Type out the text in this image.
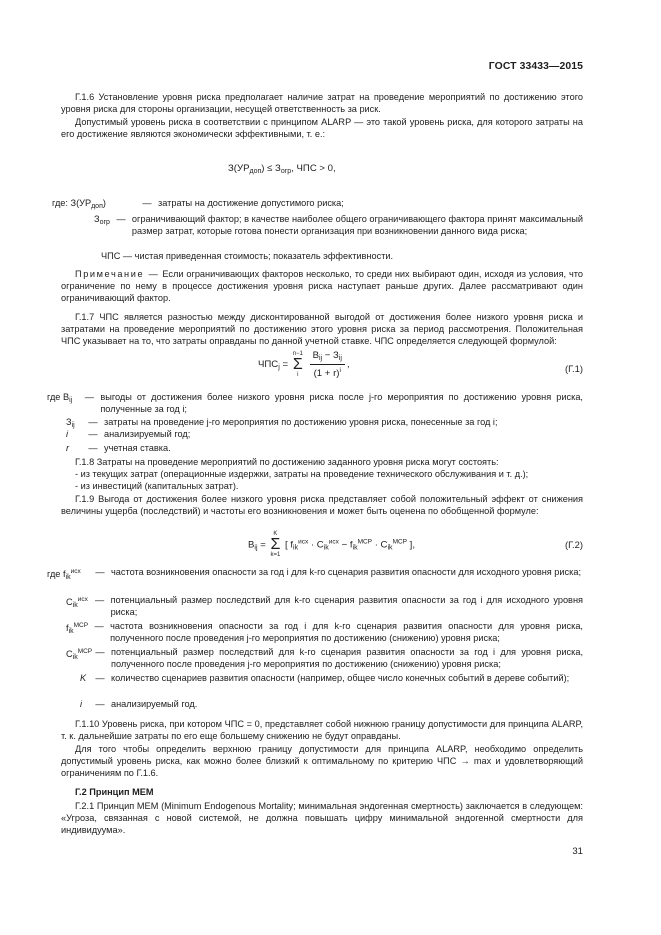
ГОСТ 33433—2015

Г.1.6 Установление уровня риска предполагает наличие затрат на проведение мероприятий по достижению этого уровня риска для стороны организации, несущей ответственность за риск.

Допустимый уровень риска в соответствии с принципом ALARP — это такой уровень риска, для которого затраты на его достижение являются экономически эффективными, т. е.:

$З(УР_{доп}) \le З_{огр}$, ЧПС > 0,
где: $З(УР_{доп})$	— затраты на достижение допустимого риска;
$З_{огр}$ — ограничивающий фактор; в качестве наиболее общего ограничивающего фактора принят максимальный размер затрат, которые готова понести организация при возникновении данного вида риска;
ЧПС — чистая приведенная стоимость; показатель эффективности.

Примечание — Если ограничивающих факторов несколько, то среди них выбирают один, исходя из условия, что ограничение по нему в процессе достижения уровня риска наступает раньше других. Далее рассматривают один ограничивающий фактор.

Г.1.7 ЧПС является разностью между дисконтированной выгодой от достижения более низкого уровня риска и затратами на проведение мероприятий по достижению этого уровня риска за период рассмотрения. Положительная ЧПС указывает на то, что затраты оправданы по данной учетной ставке. ЧПС определяется следующей формулой:

$ЧПС_j$ =
n−1
Σ
i
$\frac{В_{ij} - З_{ij}}{(1 + r)^i}$ ,	(Г.1)
где $В_{ij}$	— выгоды от достижения более низкого уровня риска после j-го мероприятия по достижению уровня риска, полученные за год i;
$З_{ij}$	— затраты на проведение j-го мероприятия по достижению уровня риска, понесенные за год i;
i	— анализируемый год;
r	— учетная ставка.

Г.1.8 Затраты на проведение мероприятий по достижению заданного уровня риска могут состоять:

- из текущих затрат (операционные издержки, затраты на проведение технического обслуживания и т. д.);

- из инвестиций (капитальных затрат).

Г.1.9 Выгода от достижения более низкого уровня риска представляет собой положительный эффект от снижения величины ущерба (последствий) и частоты его возникновения и может быть оценена по обобщенной формуле:

$В_{ij}$ =
K
Σ
k=1
[ $f_{ik}^{исх} \cdot C_{ik}^{исх} - f_{ik}^{MCP} \cdot C_{ik}^{MCP}$ ],	(Г.2)
где $f_{ik}^{исх}$	— частота возникновения опасности за год i для k-го сценария развития опасности для исходного уровня риска;
$C_{ik}^{исх}$ — потенциальный размер последствий для k-го сценария развития опасности за год i для исходного уровня риска;
$f_{ik}^{MCP}$ — частота возникновения опасности за год i для k-го сценария развития опасности для уровня риска, полученного после проведения j-го мероприятия по достижению (снижению) уровня риска;
$C_{ik}^{MCP}$ — потенциальный размер последствий для k-го сценария развития опасности за год i для уровня риска, полученного после проведения j-го мероприятия по достижению (снижению) уровня риска;
K	— количество сценариев развития опасности (например, общее число конечных событий в дереве событий);
i	— анализируемый год.

Г.1.10 Уровень риска, при котором ЧПС = 0, представляет собой нижнюю границу допустимости для принципа ALARP, т. к. дальнейшие затраты по его еще большему снижению не будут оправданы.

Для того чтобы определить верхнюю границу допустимости для принципа ALARP, необходимо определить допустимый уровень риска, как можно более близкий к оптимальному по критерию ЧПС → max и удовлетворяющий ограничениям по Г.1.6.

Г.2 Принцип MEM

Г.2.1 Принцип MEM (Minimum Endogenous Mortality; минимальная эндогенная смертность) заключается в следующем: «Угроза, связанная с новой системой, не должна повышать цифру минимальной эндогенной смертности для индивидуума».

31
